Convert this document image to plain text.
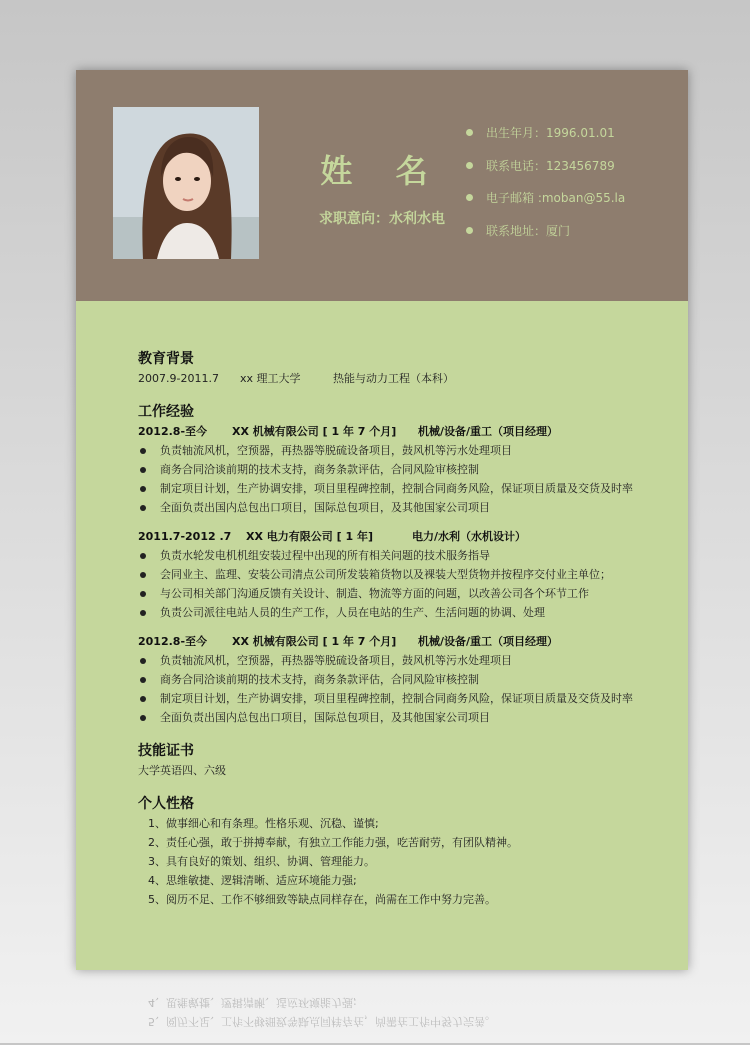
姓 名
求职意向：水利水电
出生年月：1996.01.01
联系电话：123456789
电子邮箱 :moban@55.la
联系地址：厦门
教育背景
2007.9-2011.7 xx 理工大学	热能与动力工程（本科）
工作经验
2012.8-至今 XX 机械有限公司 [ 1 年 7 个月] 机械/设备/重工（项目经理）
负责轴流风机，空预器，再热器等脱硫设备项目，鼓风机等污水处理项目
商务合同洽谈前期的技术支持，商务条款评估，合同风险审核控制
制定项目计划，生产协调安排，项目里程碑控制，控制合同商务风险，保证项目质量及交货及时率
全面负责出国内总包出口项目，国际总包项目，及其他国家公司项目
2011.7-2012 .7 XX 电力有限公司 [ 1 年]	电力/水利（水机设计）
负责水轮发电机机组安装过程中出现的所有相关问题的技术服务指导
会同业主、监理、安装公司清点公司所发装箱货物以及裸装大型货物并按程序交付业主单位；
与公司相关部门沟通反馈有关设计、制造、物流等方面的问题，以改善公司各个环节工作
负责公司派往电站人员的生产工作，人员在电站的生产、生活问题的协调、处理
2012.8-至今 XX 机械有限公司 [ 1 年 7 个月] 机械/设备/重工（项目经理）
负责轴流风机，空预器，再热器等脱硫设备项目，鼓风机等污水处理项目
商务合同洽谈前期的技术支持，商务条款评估，合同风险审核控制
制定项目计划，生产协调安排，项目里程碑控制，控制合同商务风险，保证项目质量及交货及时率
全面负责出国内总包出口项目，国际总包项目，及其他国家公司项目
技能证书
大学英语四、六级
个人性格
1、做事细心和有条理。性格乐观、沉稳、谨慎;
2、责任心强，敢于拼搏奉献，有独立工作能力强，吃苦耐劳，有团队精神。
3、具有良好的策划、组织、协调、管理能力。
4、思维敏捷、逻辑清晰、适应环境能力强;
5、阅历不足、工作不够细致等缺点同样存在，尚需在工作中努力完善。
5、阅历不足、工作不够细致等缺点同样存在，尚需在工作中努力完善。
4、思维敏捷、逻辑清晰、适应环境能力强;
